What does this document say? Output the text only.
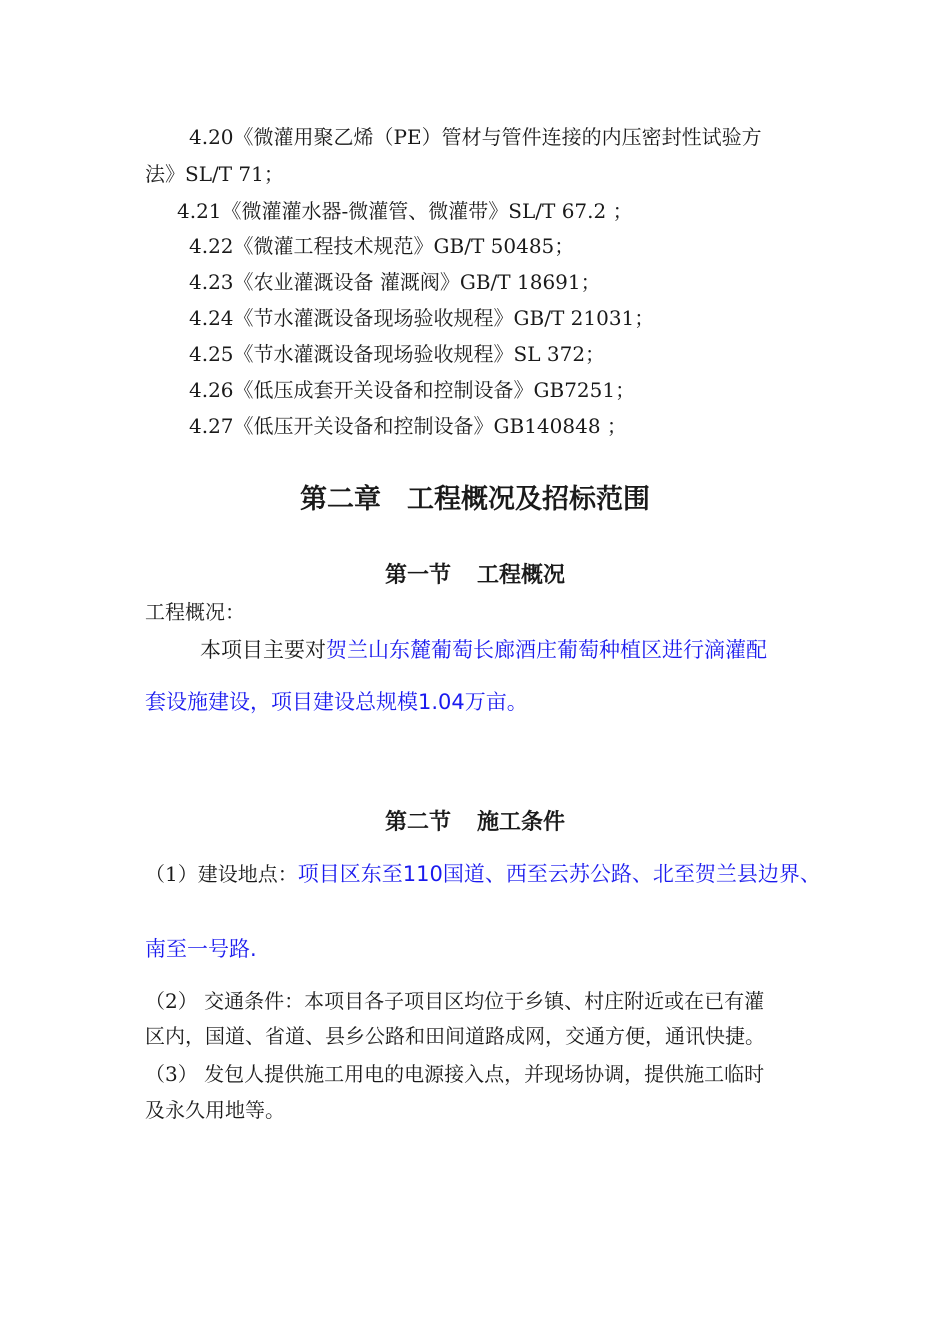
4.20《微灌用聚乙烯（PE）管材与管件连接的内压密封性试验方
法》SL/T 71；
4.21《微灌灌水器-微灌管、微灌带》SL/T 67.2 ；
4.22《微灌工程技术规范》GB/T 50485；
4.23《农业灌溉设备 灌溉阀》GB/T 18691；
4.24《节水灌溉设备现场验收规程》GB/T 21031；
4.25《节水灌溉设备现场验收规程》SL 372；
4.26《低压成套开关设备和控制设备》GB7251；
4.27《低压开关设备和控制设备》GB140848 ；
第二章 工程概况及招标范围
第一节 工程概况
工程概况：
本项目主要对贺兰山东麓葡萄长廊酒庄葡萄种植区进行滴灌配
套设施建设，项目建设总规模1.04万亩。
第二节 施工条件
（1）建设地点：项目区东至110国道、西至云苏公路、北至贺兰县边界、
南至一号路.
（2） 交通条件：本项目各子项目区均位于乡镇、村庄附近或在已有灌
区内，国道、省道、县乡公路和田间道路成网，交通方便，通讯快捷。
（3） 发包人提供施工用电的电源接入点，并现场协调，提供施工临时
及永久用地等。
